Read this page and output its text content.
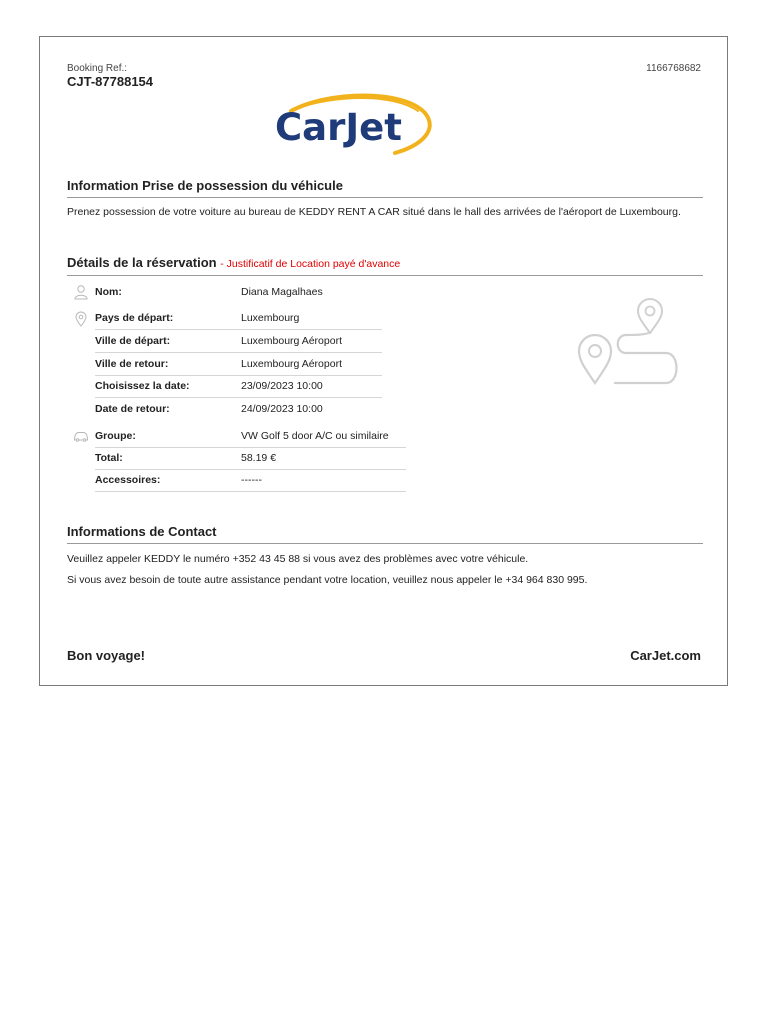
Booking Ref.:
CJT-87788154
1166768682
CarJet
Information Prise de possession du véhicule
Prenez possession de votre voiture au bureau de KEDDY RENT A CAR situé dans le hall des arrivées de l'aéroport de Luxembourg.
Détails de la réservation - Justificatif de Location payé d'avance
Nom:	Diana Magalhaes
Pays de départ:	Luxembourg
Ville de départ:	Luxembourg Aéroport
Ville de retour:	Luxembourg Aéroport
Choisissez la date:	23/09/2023 10:00
Date de retour:	24/09/2023 10:00
Groupe:	VW Golf 5 door A/C ou similaire
Total:	58.19 €
Accessoires:	------
Informations de Contact
Veuillez appeler KEDDY le numéro +352 43 45 88 si vous avez des problèmes avec votre véhicule.
Si vous avez besoin de toute autre assistance pendant votre location, veuillez nous appeler le +34 964 830 995.
Bon voyage!	CarJet.com
